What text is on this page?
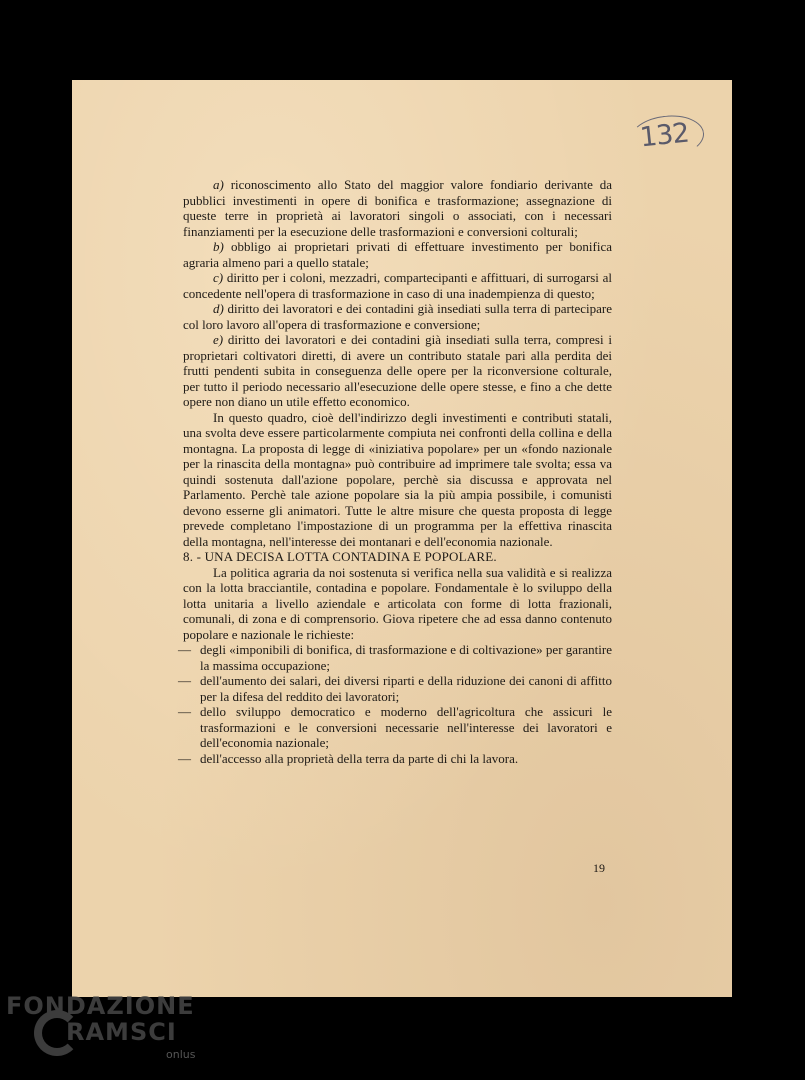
132

a) riconoscimento allo Stato del maggior valore fondiario derivante da pubblici investimenti in opere di bonifica e trasformazione; assegnazione di queste terre in proprietà ai lavoratori singoli o associati, con i necessari finanziamenti per la esecuzione delle trasformazioni e conversioni colturali;

b) obbligo ai proprietari privati di effettuare investimento per bonifica agraria almeno pari a quello statale;

c) diritto per i coloni, mezzadri, compartecipanti e affittuari, di surrogarsi al concedente nell'opera di trasformazione in caso di una inadempienza di questo;

d) diritto dei lavoratori e dei contadini già insediati sulla terra di partecipare col loro lavoro all'opera di trasformazione e conversione;

e) diritto dei lavoratori e dei contadini già insediati sulla terra, compresi i proprietari coltivatori diretti, di avere un contributo statale pari alla perdita dei frutti pendenti subita in conseguenza delle opere per la riconversione colturale, per tutto il periodo necessario all'esecuzione delle opere stesse, e fino a che dette opere non diano un utile effetto economico.

In questo quadro, cioè dell'indirizzo degli investimenti e contributi statali, una svolta deve essere particolarmente compiuta nei confronti della collina e della montagna. La proposta di legge di «iniziativa popolare» per un «fondo nazionale per la rinascita della montagna» può contribuire ad imprimere tale svolta; essa va quindi sostenuta dall'azione popolare, perchè sia discussa e approvata nel Parlamento. Perchè tale azione popolare sia la più ampia possibile, i comunisti devono esserne gli animatori. Tutte le altre misure che questa proposta di legge prevede completano l'impostazione di un programma per la effettiva rinascita della montagna, nell'interesse dei montanari e dell'economia nazionale.

8. - UNA DECISA LOTTA CONTADINA E POPOLARE.

La politica agraria da noi sostenuta si verifica nella sua validità e si realizza con la lotta bracciantile, contadina e popolare. Fondamentale è lo sviluppo della lotta unitaria a livello aziendale e articolata con forme di lotta frazionali, comunali, di zona e di comprensorio. Giova ripetere che ad essa danno contenuto popolare e nazionale le richieste:

— degli «imponibili di bonifica, di trasformazione e di coltivazione» per garantire la massima occupazione;

— dell'aumento dei salari, dei diversi riparti e della riduzione dei canoni di affitto per la difesa del reddito dei lavoratori;

— dello sviluppo democratico e moderno dell'agricoltura che assicuri le trasformazioni e le conversioni necessarie nell'interesse dei lavoratori e dell'economia nazionale;

— dell'accesso alla proprietà della terra da parte di chi la lavora.

19
FONDAZIONE
RAMSCI
onlus
